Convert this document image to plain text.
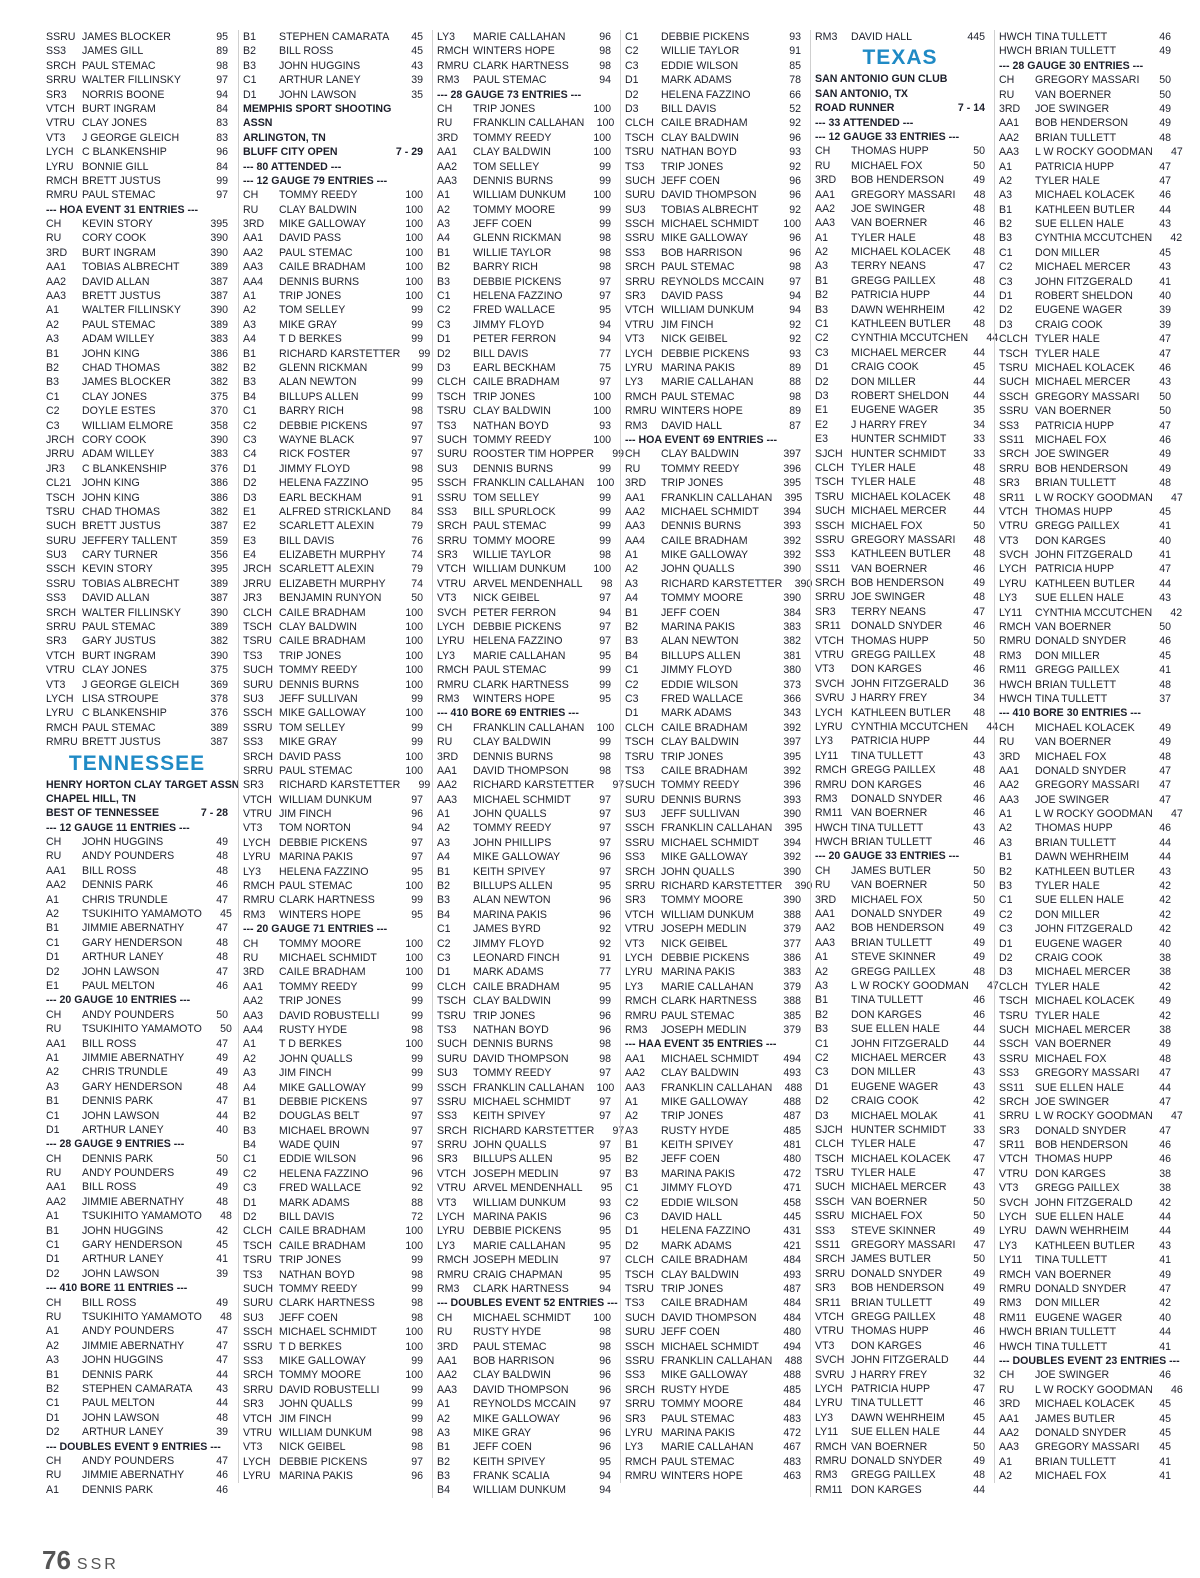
SSRU JAMES BLOCKER	95
SS3	JAMES GILL	89
SRCH PAUL STEMAC	98
SRRU WALTER FILLINSKY	97
SR3	NORRIS BOONE	94
VTCH BURT INGRAM	84
VTRU CLAY JONES	83
VT3	J GEORGE GLEICH	83
LYCH C BLANKENSHIP	96
LYRU BONNIE GILL	84
RMCH BRETT JUSTUS	99
RMRU PAUL STEMAC	97
--- HOA EVENT 31 ENTRIES ---
CH	KEVIN STORY	395
RU	CORY COOK	390
3RD	BURT INGRAM	390
AA1	TOBIAS ALBRECHT	389
AA2	DAVID ALLAN	387
AA3	BRETT JUSTUS	387
A1	WALTER FILLINSKY	390
A2	PAUL STEMAC	389
A3	ADAM WILLEY	383
B1	JOHN KING	386
B2	CHAD THOMAS	382
B3	JAMES BLOCKER	382
C1	CLAY JONES	375
C2	DOYLE ESTES	370
C3	WILLIAM ELMORE	358
JRCH CORY COOK	390
JRRU ADAM WILLEY	383
JR3	C BLANKENSHIP	376
CL21	JOHN KING	386
TSCH JOHN KING	386
TSRU CHAD THOMAS	382
SUCH BRETT JUSTUS	387
SURU JEFFERY TALLENT	359
SU3	CARY TURNER	356
SSCH KEVIN STORY	395
SSRU TOBIAS ALBRECHT	389
SS3	DAVID ALLAN	387
SRCH WALTER FILLINSKY	390
SRRU PAUL STEMAC	389
SR3	GARY JUSTUS	382
VTCH BURT INGRAM	390
VTRU CLAY JONES	375
VT3	J GEORGE GLEICH	369
LYCH LISA STROUPE	378
LYRU C BLANKENSHIP	376
RMCH PAUL STEMAC	389
RMRU BRETT JUSTUS	387
TENNESSEE
HENRY HORTON CLAY TARGET ASSN
CHAPEL HILL, TN
BEST OF TENNESSEE	7 - 28
--- 12 GAUGE 11 ENTRIES ---
CH	JOHN HUGGINS	49
RU	ANDY POUNDERS	48
AA1	BILL ROSS	48
AA2	DENNIS PARK	46
A1	CHRIS TRUNDLE	47
A2	TSUKIHITO YAMAMOTO	45
B1	JIMMIE ABERNATHY	47
C1	GARY HENDERSON	48
D1	ARTHUR LANEY	48
D2	JOHN LAWSON	47
E1	PAUL MELTON	46
--- 20 GAUGE 10 ENTRIES ---
CH	ANDY POUNDERS	50
RU	TSUKIHITO YAMAMOTO	50
AA1	BILL ROSS	47
A1	JIMMIE ABERNATHY	49
A2	CHRIS TRUNDLE	49
A3	GARY HENDERSON	48
B1	DENNIS PARK	47
C1	JOHN LAWSON	44
D1	ARTHUR LANEY	40
--- 28 GAUGE 9 ENTRIES ---
CH	DENNIS PARK	50
RU	ANDY POUNDERS	49
AA1	BILL ROSS	49
AA2	JIMMIE ABERNATHY	48
A1	TSUKIHITO YAMAMOTO	48
B1	JOHN HUGGINS	42
C1	GARY HENDERSON	45
D1	ARTHUR LANEY	41
D2	JOHN LAWSON	39
--- 410 BORE 11 ENTRIES ---
CH	BILL ROSS	49
RU	TSUKIHITO YAMAMOTO	48
A1	ANDY POUNDERS	47
A2	JIMMIE ABERNATHY	47
A3	JOHN HUGGINS	47
B1	DENNIS PARK	44
B2	STEPHEN CAMARATA	43
C1	PAUL MELTON	44
D1	JOHN LAWSON	48
D2	ARTHUR LANEY	39
--- DOUBLES EVENT 9 ENTRIES ---
CH	ANDY POUNDERS	47
RU	JIMMIE ABERNATHY	46
A1	DENNIS PARK	46
B1	STEPHEN CAMARATA	45
B2	BILL ROSS	45
B3	JOHN HUGGINS	43
C1	ARTHUR LANEY	39
D1	JOHN LAWSON	35
MEMPHIS SPORT SHOOTING
ASSN
ARLINGTON, TN
BLUFF CITY OPEN	7 - 29
--- 80 ATTENDED ---
--- 12 GAUGE 79 ENTRIES ---
CH	TOMMY REEDY	100
RU	CLAY BALDWIN	100
3RD	MIKE GALLOWAY	100
AA1	DAVID PASS	100
AA2	PAUL STEMAC	100
AA3	CAILE BRADHAM	100
AA4	DENNIS BURNS	100
A1	TRIP JONES	100
A2	TOM SELLEY	99
A3	MIKE GRAY	99
A4	T D BERKES	99
B1	RICHARD KARSTETTER	99
B2	GLENN RICKMAN	99
B3	ALAN NEWTON	99
B4	BILLUPS ALLEN	99
C1	BARRY RICH	98
C2	DEBBIE PICKENS	97
C3	WAYNE BLACK	97
C4	RICK FOSTER	97
D1	JIMMY FLOYD	98
D2	HELENA FAZZINO	95
D3	EARL BECKHAM	91
E1	ALFRED STRICKLAND	84
E2	SCARLETT ALEXIN	79
E3	BILL DAVIS	76
E4	ELIZABETH MURPHY	74
JRCH SCARLETT ALEXIN	79
JRRU ELIZABETH MURPHY	74
JR3	BENJAMIN RUNYON	50
CLCH CAILE BRADHAM	100
TSCH CLAY BALDWIN	100
TSRU CAILE BRADHAM	100
TS3	TRIP JONES	100
SUCH TOMMY REEDY	100
SURU DENNIS BURNS	100
SU3	JEFF SULLIVAN	99
SSCH MIKE GALLOWAY	100
SSRU TOM SELLEY	99
SS3	MIKE GRAY	99
SRCH DAVID PASS	100
SRRU PAUL STEMAC	100
SR3	RICHARD KARSTETTER	99
VTCH WILLIAM DUNKUM	97
VTRU JIM FINCH	96
VT3	TOM NORTON	94
LYCH DEBBIE PICKENS	97
LYRU MARINA PAKIS	97
LY3	HELENA FAZZINO	95
RMCH PAUL STEMAC	100
RMRU CLARK HARTNESS	99
RM3	WINTERS HOPE	95
--- 20 GAUGE 71 ENTRIES ---
CH	TOMMY MOORE	100
RU	MICHAEL SCHMIDT	100
3RD	CAILE BRADHAM	100
AA1	TOMMY REEDY	99
AA2	TRIP JONES	99
AA3	DAVID ROBUSTELLI	99
AA4	RUSTY HYDE	98
A1	T D BERKES	100
A2	JOHN QUALLS	99
A3	JIM FINCH	99
A4	MIKE GALLOWAY	99
B1	DEBBIE PICKENS	97
B2	DOUGLAS BELT	97
B3	MICHAEL BROWN	97
B4	WADE QUIN	97
C1	EDDIE WILSON	96
C2	HELENA FAZZINO	96
C3	FRED WALLACE	92
D1	MARK ADAMS	88
D2	BILL DAVIS	72
CLCH CAILE BRADHAM	100
TSCH CAILE BRADHAM	100
TSRU TRIP JONES	99
TS3	NATHAN BOYD	98
SUCH TOMMY REEDY	99
SURU CLARK HARTNESS	98
SU3	JEFF COEN	98
SSCH MICHAEL SCHMIDT	100
SSRU T D BERKES	100
SS3	MIKE GALLOWAY	99
SRCH TOMMY MOORE	100
SRRU DAVID ROBUSTELLI	99
SR3	JOHN QUALLS	99
VTCH JIM FINCH	99
VTRU WILLIAM DUNKUM	98
VT3	NICK GEIBEL	98
LYCH DEBBIE PICKENS	97
LYRU MARINA PAKIS	96
LY3	MARIE CALLAHAN	96
RMCH WINTERS HOPE	98
RMRU CLARK HARTNESS	98
RM3	PAUL STEMAC	94
--- 28 GAUGE 73 ENTRIES ---
CH	TRIP JONES	100
RU	FRANKLIN CALLAHAN	100
3RD	TOMMY REEDY	100
AA1	CLAY BALDWIN	100
AA2	TOM SELLEY	99
AA3	DENNIS BURNS	99
A1	WILLIAM DUNKUM	100
A2	TOMMY MOORE	99
A3	JEFF COEN	99
A4	GLENN RICKMAN	98
B1	WILLIE TAYLOR	98
B2	BARRY RICH	98
B3	DEBBIE PICKENS	97
C1	HELENA FAZZINO	97
C2	FRED WALLACE	95
C3	JIMMY FLOYD	94
D1	PETER FERRON	94
D2	BILL DAVIS	77
D3	EARL BECKHAM	75
CLCH CAILE BRADHAM	97
TSCH TRIP JONES	100
TSRU CLAY BALDWIN	100
TS3	NATHAN BOYD	93
SUCH TOMMY REEDY	100
SURU ROOSTER TIM HOPPER	99
SU3	DENNIS BURNS	99
SSCH FRANKLIN CALLAHAN	100
SSRU TOM SELLEY	99
SS3	BILL SPURLOCK	99
SRCH PAUL STEMAC	99
SRRU TOMMY MOORE	99
SR3	WILLIE TAYLOR	98
VTCH WILLIAM DUNKUM	100
VTRU ARVEL MENDENHALL	98
VT3	NICK GEIBEL	97
SVCH PETER FERRON	94
LYCH DEBBIE PICKENS	97
LYRU HELENA FAZZINO	97
LY3	MARIE CALLAHAN	95
RMCH PAUL STEMAC	99
RMRU CLARK HARTNESS	99
RM3	WINTERS HOPE	95
--- 410 BORE 69 ENTRIES ---
CH	FRANKLIN CALLAHAN	100
RU	CLAY BALDWIN	99
3RD	DENNIS BURNS	98
AA1	DAVID THOMPSON	98
AA2	RICHARD KARSTETTER	97
AA3	MICHAEL SCHMIDT	97
A1	JOHN QUALLS	97
A2	TOMMY REEDY	97
A3	JOHN PHILLIPS	97
A4	MIKE GALLOWAY	96
B1	KEITH SPIVEY	97
B2	BILLUPS ALLEN	95
B3	ALAN NEWTON	96
B4	MARINA PAKIS	96
C1	JAMES BYRD	92
C2	JIMMY FLOYD	92
C3	LEONARD FINCH	91
D1	MARK ADAMS	77
CLCH CAILE BRADHAM	95
TSCH CLAY BALDWIN	99
TSRU TRIP JONES	96
TS3	NATHAN BOYD	96
SUCH DENNIS BURNS	98
SURU DAVID THOMPSON	98
SU3	TOMMY REEDY	97
SSCH FRANKLIN CALLAHAN	100
SSRU MICHAEL SCHMIDT	97
SS3	KEITH SPIVEY	97
SRCH RICHARD KARSTETTER	97
SRRU JOHN QUALLS	97
SR3	BILLUPS ALLEN	95
VTCH JOSEPH MEDLIN	97
VTRU ARVEL MENDENHALL	95
VT3	WILLIAM DUNKUM	93
LYCH MARINA PAKIS	96
LYRU DEBBIE PICKENS	95
LY3	MARIE CALLAHAN	95
RMCH JOSEPH MEDLIN	97
RMRU CRAIG CHAPMAN	95
RM3	CLARK HARTNESS	94
--- DOUBLES EVENT 52 ENTRIES ---
CH	MICHAEL SCHMIDT	100
RU	RUSTY HYDE	98
3RD	PAUL STEMAC	98
AA1	BOB HARRISON	96
AA2	CLAY BALDWIN	96
AA3	DAVID THOMPSON	96
A1	REYNOLDS MCCAIN	97
A2	MIKE GALLOWAY	96
A3	MIKE GRAY	96
B1	JEFF COEN	96
B2	KEITH SPIVEY	95
B3	FRANK SCALIA	94
B4	WILLIAM DUNKUM	94
C1	DEBBIE PICKENS	93
C2	WILLIE TAYLOR	91
C3	EDDIE WILSON	85
D1	MARK ADAMS	78
D2	HELENA FAZZINO	66
D3	BILL DAVIS	52
CLCH CAILE BRADHAM	92
TSCH CLAY BALDWIN	96
TSRU NATHAN BOYD	93
TS3	TRIP JONES	92
SUCH JEFF COEN	96
SURU DAVID THOMPSON	96
SU3	TOBIAS ALBRECHT	92
SSCH MICHAEL SCHMIDT	100
SSRU MIKE GALLOWAY	96
SS3	BOB HARRISON	96
SRCH PAUL STEMAC	98
SRRU REYNOLDS MCCAIN	97
SR3	DAVID PASS	94
VTCH WILLIAM DUNKUM	94
VTRU JIM FINCH	92
VT3	NICK GEIBEL	92
LYCH DEBBIE PICKENS	93
LYRU MARINA PAKIS	89
LY3	MARIE CALLAHAN	88
RMCH PAUL STEMAC	98
RMRU WINTERS HOPE	89
RM3	DAVID HALL	87
--- HOA EVENT 69 ENTRIES ---
CH	CLAY BALDWIN	397
RU	TOMMY REEDY	396
3RD	TRIP JONES	395
AA1	FRANKLIN CALLAHAN	395
AA2	MICHAEL SCHMIDT	394
AA3	DENNIS BURNS	393
AA4	CAILE BRADHAM	392
A1	MIKE GALLOWAY	392
A2	JOHN QUALLS	390
A3	RICHARD KARSTETTER	390
A4	TOMMY MOORE	390
B1	JEFF COEN	384
B2	MARINA PAKIS	383
B3	ALAN NEWTON	382
B4	BILLUPS ALLEN	381
C1	JIMMY FLOYD	380
C2	EDDIE WILSON	373
C3	FRED WALLACE	366
D1	MARK ADAMS	343
CLCH CAILE BRADHAM	392
TSCH CLAY BALDWIN	397
TSRU TRIP JONES	395
TS3	CAILE BRADHAM	392
SUCH TOMMY REEDY	396
SURU DENNIS BURNS	393
SU3	JEFF SULLIVAN	390
SSCH FRANKLIN CALLAHAN	395
SSRU MICHAEL SCHMIDT	394
SS3	MIKE GALLOWAY	392
SRCH JOHN QUALLS	390
SRRU RICHARD KARSTETTER	390
SR3	TOMMY MOORE	390
VTCH WILLIAM DUNKUM	388
VTRU JOSEPH MEDLIN	379
VT3	NICK GEIBEL	377
LYCH DEBBIE PICKENS	386
LYRU MARINA PAKIS	383
LY3	MARIE CALLAHAN	379
RMCH CLARK HARTNESS	388
RMRU PAUL STEMAC	385
RM3	JOSEPH MEDLIN	379
--- HAA EVENT 35 ENTRIES ---
AA1	MICHAEL SCHMIDT	494
AA2	CLAY BALDWIN	493
AA3	FRANKLIN CALLAHAN	488
A1	MIKE GALLOWAY	488
A2	TRIP JONES	487
A3	RUSTY HYDE	485
B1	KEITH SPIVEY	481
B2	JEFF COEN	480
B3	MARINA PAKIS	472
C1	JIMMY FLOYD	471
C2	EDDIE WILSON	458
C3	DAVID HALL	445
D1	HELENA FAZZINO	431
D2	MARK ADAMS	421
CLCH CAILE BRADHAM	484
TSCH CLAY BALDWIN	493
TSRU TRIP JONES	487
TS3	CAILE BRADHAM	484
SUCH DAVID THOMPSON	484
SURU JEFF COEN	480
SSCH MICHAEL SCHMIDT	494
SSRU FRANKLIN CALLAHAN	488
SS3	MIKE GALLOWAY	488
SRCH RUSTY HYDE	485
SRRU TOMMY MOORE	484
SR3	PAUL STEMAC	483
LYRU MARINA PAKIS	472
LY3	MARIE CALLAHAN	467
RMCH PAUL STEMAC	483
RMRU WINTERS HOPE	463
RM3	DAVID HALL	445
TEXAS
SAN ANTONIO GUN CLUB
SAN ANTONIO, TX
ROAD RUNNER	7 - 14
--- 33 ATTENDED ---
--- 12 GAUGE 33 ENTRIES ---
CH	THOMAS HUPP	50
RU	MICHAEL FOX	50
3RD	BOB HENDERSON	49
AA1	GREGORY MASSARI	48
AA2	JOE SWINGER	48
AA3	VAN BOERNER	46
A1	TYLER HALE	48
A2	MICHAEL KOLACEK	48
A3	TERRY NEANS	47
B1	GREGG PAILLEX	48
B2	PATRICIA HUPP	44
B3	DAWN WEHRHEIM	42
C1	KATHLEEN BUTLER	48
C2	CYNTHIA MCCUTCHEN	44
C3	MICHAEL MERCER	44
D1	CRAIG COOK	45
D2	DON MILLER	44
D3	ROBERT SHELDON	44
E1	EUGENE WAGER	35
E2	J HARRY FREY	34
E3	HUNTER SCHMIDT	33
SJCH HUNTER SCHMIDT	33
CLCH TYLER HALE	48
TSCH TYLER HALE	48
TSRU MICHAEL KOLACEK	48
SUCH MICHAEL MERCER	44
SSCH MICHAEL FOX	50
SSRU GREGORY MASSARI	48
SS3	KATHLEEN BUTLER	48
SS11	VAN BOERNER	46
SRCH BOB HENDERSON	49
SRRU JOE SWINGER	48
SR3	TERRY NEANS	47
SR11 DONALD SNYDER	46
VTCH THOMAS HUPP	50
VTRU GREGG PAILLEX	48
VT3	DON KARGES	46
SVCH JOHN FITZGERALD	36
SVRU J HARRY FREY	34
LYCH KATHLEEN BUTLER	48
LYRU CYNTHIA MCCUTCHEN	44
LY3	PATRICIA HUPP	44
LY11	TINA TULLETT	43
RMCH GREGG PAILLEX	48
RMRU DON KARGES	46
RM3	DONALD SNYDER	46
RM11 VAN BOERNER	46
HWCH TINA TULLETT	43
HWCH BRIAN TULLETT	46
--- 20 GAUGE 33 ENTRIES ---
CH	JAMES BUTLER	50
RU	VAN BOERNER	50
3RD	MICHAEL FOX	50
AA1	DONALD SNYDER	49
AA2	BOB HENDERSON	49
AA3	BRIAN TULLETT	49
A1	STEVE SKINNER	49
A2	GREGG PAILLEX	48
A3	L W ROCKY GOODMAN	47
B1	TINA TULLETT	46
B2	DON KARGES	46
B3	SUE ELLEN HALE	44
C1	JOHN FITZGERALD	44
C2	MICHAEL MERCER	43
C3	DON MILLER	43
D1	EUGENE WAGER	43
D2	CRAIG COOK	42
D3	MICHAEL MOLAK	41
SJCH HUNTER SCHMIDT	33
CLCH TYLER HALE	47
TSCH MICHAEL KOLACEK	47
TSRU TYLER HALE	47
SUCH MICHAEL MERCER	43
SSCH VAN BOERNER	50
SSRU MICHAEL FOX	50
SS3	STEVE SKINNER	49
SS11	GREGORY MASSARI	47
SRCH JAMES BUTLER	50
SRRU DONALD SNYDER	49
SR3	BOB HENDERSON	49
SR11 BRIAN TULLETT	49
VTCH GREGG PAILLEX	48
VTRU THOMAS HUPP	46
VT3	DON KARGES	46
SVCH JOHN FITZGERALD	44
SVRU J HARRY FREY	32
LYCH PATRICIA HUPP	47
LYRU TINA TULLETT	46
LY3	DAWN WEHRHEIM	45
LY11	SUE ELLEN HALE	44
RMCH VAN BOERNER	50
RMRU DONALD SNYDER	49
RM3	GREGG PAILLEX	48
RM11 DON KARGES	44
HWCH TINA TULLETT	46
HWCH BRIAN TULLETT	49
--- 28 GAUGE 30 ENTRIES ---
CH	GREGORY MASSARI	50
RU	VAN BOERNER	50
3RD	JOE SWINGER	49
AA1	BOB HENDERSON	49
AA2	BRIAN TULLETT	48
AA3	L W ROCKY GOODMAN	47
A1	PATRICIA HUPP	47
A2	TYLER HALE	47
A3	MICHAEL KOLACEK	46
B1	KATHLEEN BUTLER	44
B2	SUE ELLEN HALE	43
B3	CYNTHIA MCCUTCHEN	42
C1	DON MILLER	45
C2	MICHAEL MERCER	43
C3	JOHN FITZGERALD	41
D1	ROBERT SHELDON	40
D2	EUGENE WAGER	39
D3	CRAIG COOK	39
CLCH TYLER HALE	47
TSCH TYLER HALE	47
TSRU MICHAEL KOLACEK	46
SUCH MICHAEL MERCER	43
SSCH GREGORY MASSARI	50
SSRU VAN BOERNER	50
SS3	PATRICIA HUPP	47
SS11	MICHAEL FOX	46
SRCH JOE SWINGER	49
SRRU BOB HENDERSON	49
SR3	BRIAN TULLETT	48
SR11 L W ROCKY GOODMAN	47
VTCH THOMAS HUPP	45
VTRU GREGG PAILLEX	41
VT3	DON KARGES	40
SVCH JOHN FITZGERALD	41
LYCH PATRICIA HUPP	47
LYRU KATHLEEN BUTLER	44
LY3	SUE ELLEN HALE	43
LY11	CYNTHIA MCCUTCHEN	42
RMCH VAN BOERNER	50
RMRU DONALD SNYDER	46
RM3	DON MILLER	45
RM11 GREGG PAILLEX	41
HWCH BRIAN TULLETT	48
HWCH TINA TULLETT	37
--- 410 BORE 30 ENTRIES ---
CH	MICHAEL KOLACEK	49
RU	VAN BOERNER	49
3RD	MICHAEL FOX	48
AA1	DONALD SNYDER	47
AA2	GREGORY MASSARI	47
AA3	JOE SWINGER	47
A1	L W ROCKY GOODMAN	47
A2	THOMAS HUPP	46
A3	BRIAN TULLETT	44
B1	DAWN WEHRHEIM	44
B2	KATHLEEN BUTLER	43
B3	TYLER HALE	42
C1	SUE ELLEN HALE	42
C2	DON MILLER	42
C3	JOHN FITZGERALD	42
D1	EUGENE WAGER	40
D2	CRAIG COOK	38
D3	MICHAEL MERCER	38
CLCH TYLER HALE	42
TSCH MICHAEL KOLACEK	49
TSRU TYLER HALE	42
SUCH MICHAEL MERCER	38
SSCH VAN BOERNER	49
SSRU MICHAEL FOX	48
SS3	GREGORY MASSARI	47
SS11	SUE ELLEN HALE	44
SRCH JOE SWINGER	47
SRRU L W ROCKY GOODMAN	47
SR3	DONALD SNYDER	47
SR11 BOB HENDERSON	46
VTCH THOMAS HUPP	46
VTRU DON KARGES	38
VT3	GREGG PAILLEX	38
SVCH JOHN FITZGERALD	42
LYCH SUE ELLEN HALE	44
LYRU DAWN WEHRHEIM	44
LY3	KATHLEEN BUTLER	43
LY11	TINA TULLETT	41
RMCH VAN BOERNER	49
RMRU DONALD SNYDER	47
RM3	DON MILLER	42
RM11 EUGENE WAGER	40
HWCH BRIAN TULLETT	44
HWCH TINA TULLETT	41
--- DOUBLES EVENT 23 ENTRIES ---
CH	JOE SWINGER	46
RU	L W ROCKY GOODMAN	46
3RD	MICHAEL KOLACEK	45
AA1	JAMES BUTLER	45
AA2	DONALD SNYDER	45
AA3	GREGORY MASSARI	45
A1	BRIAN TULLETT	41
A2	MICHAEL FOX	41
76 SSR
